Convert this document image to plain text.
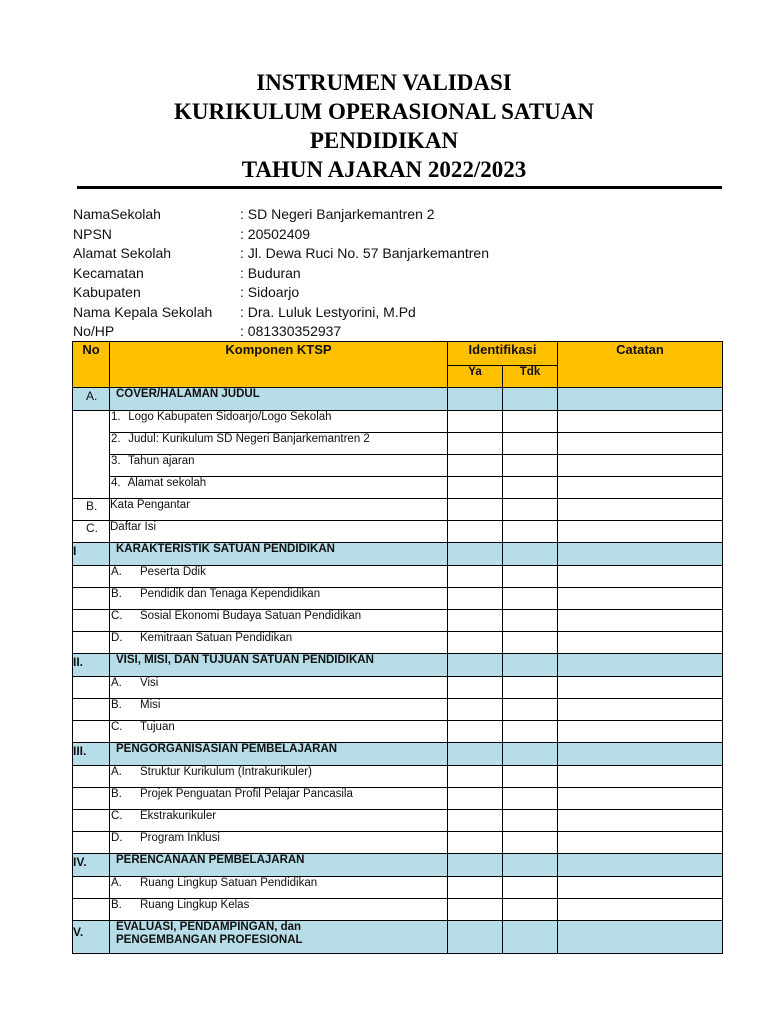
INSTRUMEN VALIDASI
KURIKULUM OPERASIONAL SATUAN
PENDIDIKAN
TAHUN AJARAN 2022/2023
NamaSekolah	: SD Negeri Banjarkemantren 2
NPSN	: 20502409
Alamat Sekolah	: Jl. Dewa Ruci No. 57 Banjarkemantren
Kecamatan	: Buduran
Kabupaten	: Sidoarjo
Nama Kepala Sekolah : Dra. Luluk Lestyorini, M.Pd
No/HP	: 081330352937
No	Komponen KTSP	Identifikasi		Catatan
		Ya	Tdk	
A.	COVER/HALAMAN JUDUL			
	1. Logo Kabupaten Sidoarjo/Logo Sekolah			
	2. Judul: Kurikulum SD Negeri Banjarkemantren 2			
	3. Tahun ajaran			
	4. Alamat sekolah			
B.	Kata Pengantar			
C.	Daftar Isi			
I	KARAKTERISTIK SATUAN PENDIDIKAN			
	A. Peserta Ddik			
	B. Pendidik dan Tenaga Kependidikan			
	C. Sosial Ekonomi Budaya Satuan Pendidikan			
	D. Kemitraan Satuan Pendidikan			
II.	VISI, MISI, DAN TUJUAN SATUAN PENDIDIKAN			
	A. Visi			
	B. Misi			
	C. Tujuan			
III.	PENGORGANISASIAN PEMBELAJARAN			
	A. Struktur Kurikulum (Intrakurikuler)			
	B. Projek Penguatan Profil Pelajar Pancasila			
	C. Ekstrakurikuler			
	D. Program Inklusi			
IV.	PERENCANAAN PEMBELAJARAN			
	A. Ruang Lingkup Satuan Pendidikan			
	B. Ruang Lingkup Kelas			
V.	EVALUASI, PENDAMPINGAN, dan
PENGEMBANGAN PROFESIONAL			
